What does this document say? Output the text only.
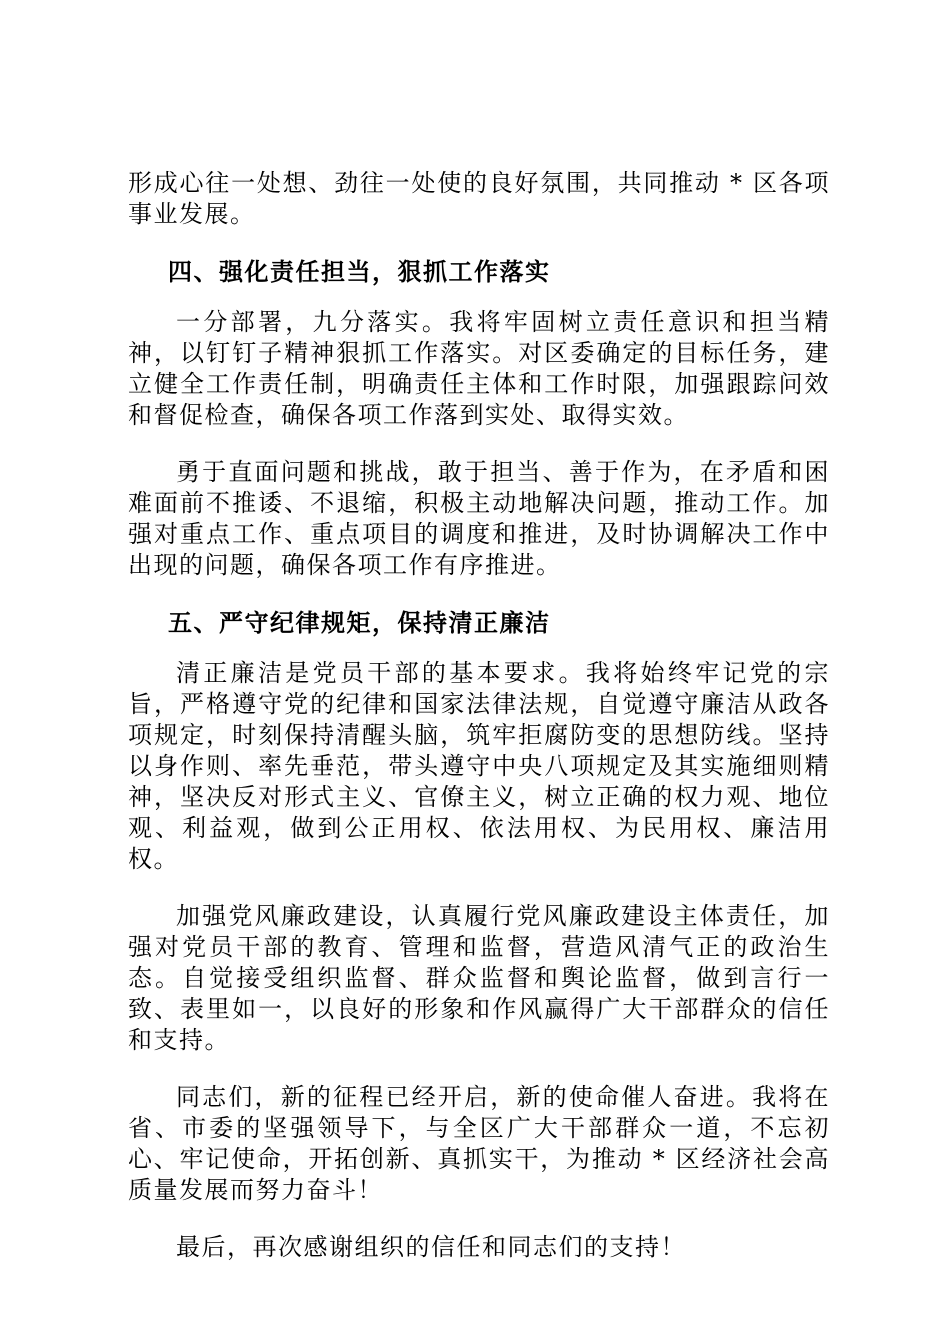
形成心往一处想、劲往一处使的良好氛围，共同推动 * 区各项事业发展。

四、强化责任担当，狠抓工作落实

一分部署，九分落实。我将牢固树立责任意识和担当精神，以钉钉子精神狠抓工作落实。对区委确定的目标任务，建立健全工作责任制，明确责任主体和工作时限，加强跟踪问效和督促检查，确保各项工作落到实处、取得实效。

勇于直面问题和挑战，敢于担当、善于作为，在矛盾和困难面前不推诿、不退缩，积极主动地解决问题，推动工作。加强对重点工作、重点项目的调度和推进，及时协调解决工作中出现的问题，确保各项工作有序推进。

五、严守纪律规矩，保持清正廉洁

清正廉洁是党员干部的基本要求。我将始终牢记党的宗旨，严格遵守党的纪律和国家法律法规，自觉遵守廉洁从政各项规定，时刻保持清醒头脑，筑牢拒腐防变的思想防线。坚持以身作则、率先垂范，带头遵守中央八项规定及其实施细则精神，坚决反对形式主义、官僚主义，树立正确的权力观、地位观、利益观，做到公正用权、依法用权、为民用权、廉洁用权。

加强党风廉政建设，认真履行党风廉政建设主体责任，加强对党员干部的教育、管理和监督，营造风清气正的政治生态。自觉接受组织监督、群众监督和舆论监督，做到言行一致、表里如一，以良好的形象和作风赢得广大干部群众的信任和支持。

同志们，新的征程已经开启，新的使命催人奋进。我将在省、市委的坚强领导下，与全区广大干部群众一道，不忘初心、牢记使命，开拓创新、真抓实干，为推动 * 区经济社会高质量发展而努力奋斗！

最后，再次感谢组织的信任和同志们的支持！
